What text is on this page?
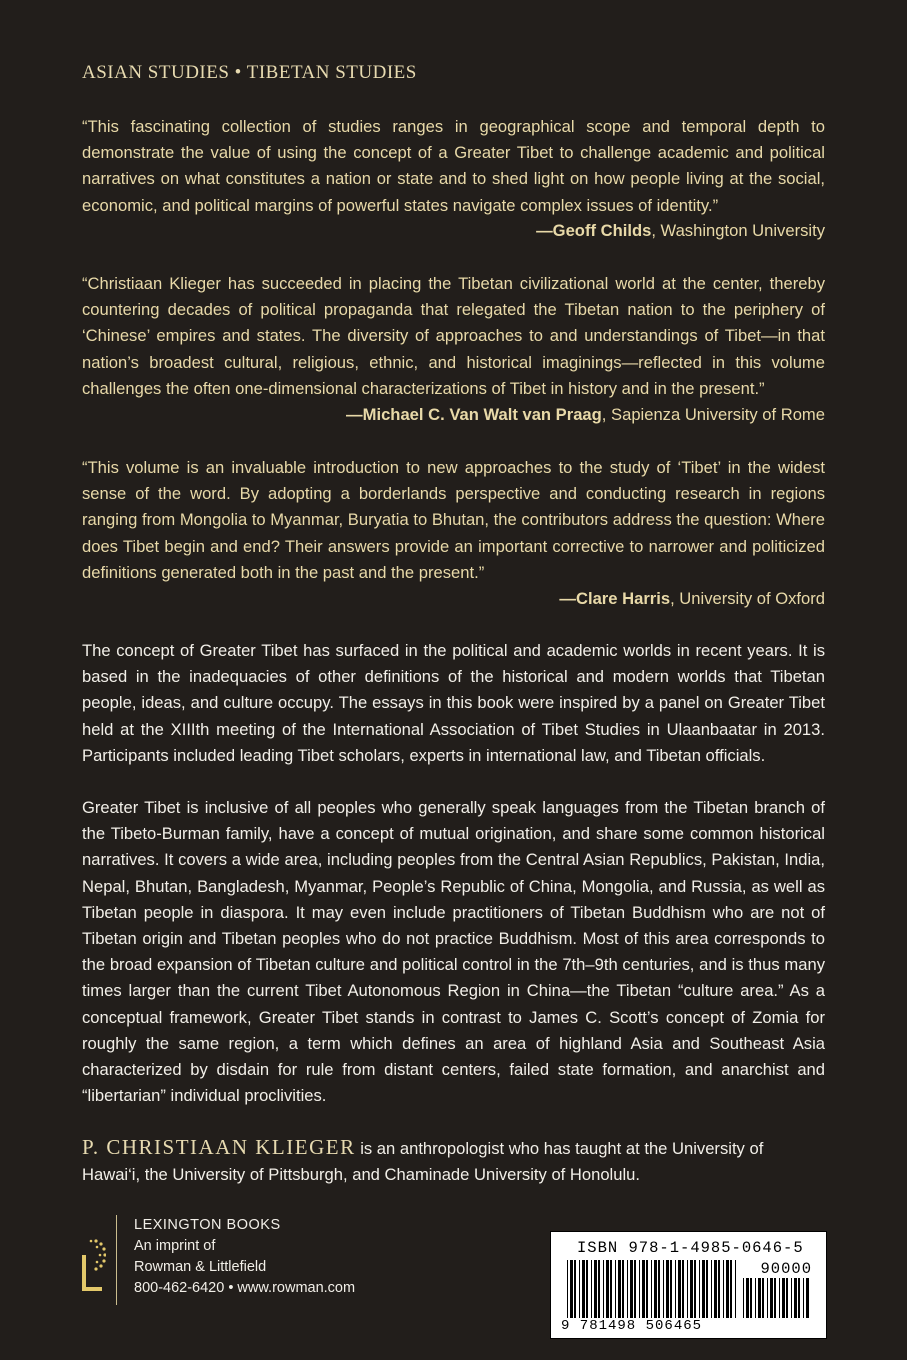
ASIAN STUDIES • TIBETAN STUDIES
“This fascinating collection of studies ranges in geographical scope and temporal depth to demonstrate the value of using the concept of a Greater Tibet to challenge academic and political narratives on what constitutes a nation or state and to shed light on how people living at the social, economic, and political margins of powerful states navigate complex issues of identity.”
—Geoff Childs, Washington University
“Christiaan Klieger has succeeded in placing the Tibetan civilizational world at the center, thereby countering decades of political propaganda that relegated the Tibetan nation to the periphery of ‘Chinese’ empires and states. The diversity of approaches to and understandings of Tibet—in that nation’s broadest cultural, religious, ethnic, and historical imaginings—reflected in this volume challenges the often one-dimensional characterizations of Tibet in history and in the present.”
—Michael C. Van Walt van Praag, Sapienza University of Rome
“This volume is an invaluable introduction to new approaches to the study of ‘Tibet’ in the widest sense of the word. By adopting a borderlands perspective and conducting research in regions ranging from Mongolia to Myanmar, Buryatia to Bhutan, the contributors address the question: Where does Tibet begin and end? Their answers provide an important corrective to narrower and politicized definitions generated both in the past and the present.”
—Clare Harris, University of Oxford
The concept of Greater Tibet has surfaced in the political and academic worlds in recent years. It is based in the inadequacies of other definitions of the historical and modern worlds that Tibetan people, ideas, and culture occupy. The essays in this book were inspired by a panel on Greater Tibet held at the XIIIth meeting of the International Association of Tibet Studies in Ulaanbaatar in 2013. Participants included leading Tibet scholars, experts in international law, and Tibetan officials.
Greater Tibet is inclusive of all peoples who generally speak languages from the Tibetan branch of the Tibeto-Burman family, have a concept of mutual origination, and share some common historical narratives. It covers a wide area, including peoples from the Central Asian Republics, Pakistan, India, Nepal, Bhutan, Bangladesh, Myanmar, People’s Republic of China, Mongolia, and Russia, as well as Tibetan people in diaspora. It may even include practitioners of Tibetan Buddhism who are not of Tibetan origin and Tibetan peoples who do not practice Buddhism. Most of this area corresponds to the broad expansion of Tibetan culture and political control in the 7th–9th centuries, and is thus many times larger than the current Tibet Autonomous Region in China—the Tibetan “culture area.” As a conceptual framework, Greater Tibet stands in contrast to James C. Scott’s concept of Zomia for roughly the same region, a term which defines an area of highland Asia and Southeast Asia characterized by disdain for rule from distant centers, failed state formation, and anarchist and “libertarian” individual proclivities.
P. CHRISTIAAN KLIEGER is an anthropologist who has taught at the University of Hawai‘i, the University of Pittsburgh, and Chaminade University of Honolulu.
LEXINGTON BOOKS
An imprint of
Rowman & Littlefield
800-462-6420 • www.rowman.com
ISBN 978-1-4985-0646-5
90000
9 781498 506465
